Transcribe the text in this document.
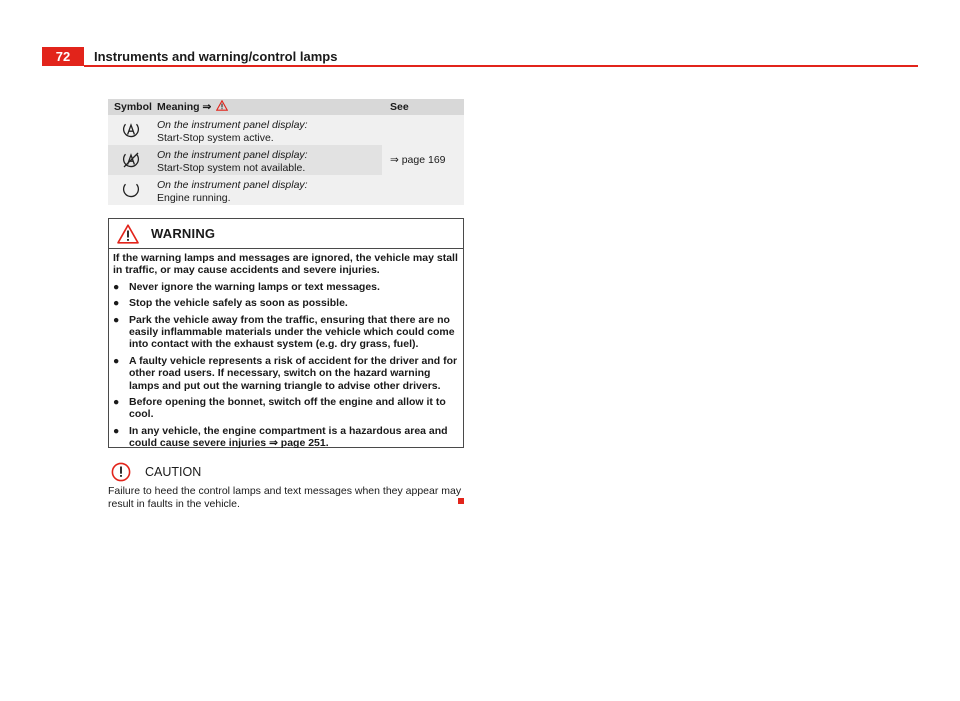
72	Instruments and warning/control lamps
Symbol Meaning ⇒	See
On the instrument panel display:
Start-Stop system active.
On the instrument panel display:
Start-Stop system not available.
On the instrument panel display:
Engine running.
⇒ page 169
WARNING

If the warning lamps and messages are ignored, the vehicle may stall in traffic, or may cause accidents and severe injuries.

● Never ignore the warning lamps or text messages.
● Stop the vehicle safely as soon as possible.
● Park the vehicle away from the traffic, ensuring that there are no easily inflammable materials under the vehicle which could come into contact with the exhaust system (e.g. dry grass, fuel).
● A faulty vehicle represents a risk of accident for the driver and for other road users. If necessary, switch on the hazard warning lamps and put out the warning triangle to advise other drivers.
● Before opening the bonnet, switch off the engine and allow it to cool.
● In any vehicle, the engine compartment is a hazardous area and could cause severe injuries ⇒ page 251.
CAUTION
Failure to heed the control lamps and text messages when they appear may result in faults in the vehicle.
